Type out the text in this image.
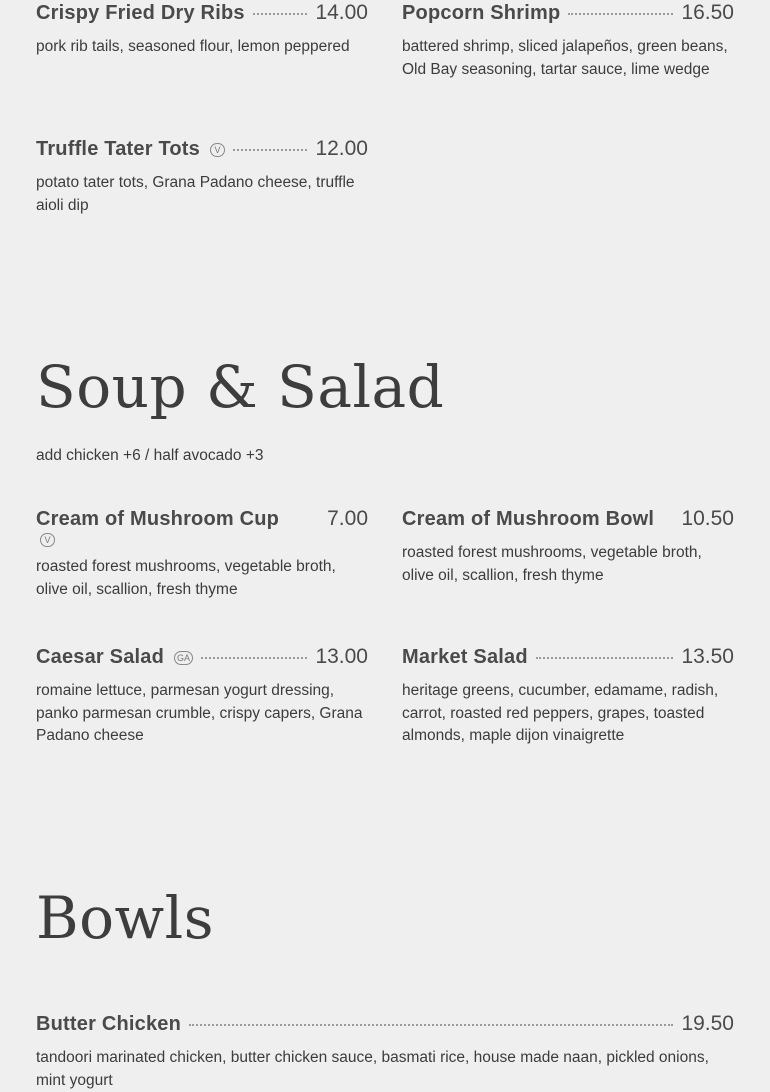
Crispy Fried Dry Ribs	14.00
pork rib tails, seasoned flour, lemon peppered
Popcorn Shrimp	16.50
battered shrimp, sliced jalapeños, green beans, Old Bay seasoning, tartar sauce, lime wedge
Truffle Tater Tots	V	12.00
potato tater tots, Grana Padano cheese, truffle aioli dip
Soup & Salad
add chicken +6 / half avocado +3
Cream of Mushroom Cup 7.00
V
roasted forest mushrooms, vegetable broth, olive oil, scallion, fresh thyme
Cream of Mushroom Bowl 10.50
roasted forest mushrooms, vegetable broth, olive oil, scallion, fresh thyme
Caesar Salad	GA	13.00
romaine lettuce, parmesan yogurt dressing, panko parmesan crumble, crispy capers, Grana Padano cheese
Market Salad	13.50
heritage greens, cucumber, edamame, radish, carrot, roasted red peppers, grapes, toasted almonds, maple dijon vinaigrette
Bowls
Butter Chicken	19.50
tandoori marinated chicken, butter chicken sauce, basmati rice, house made naan, pickled onions, mint yogurt
